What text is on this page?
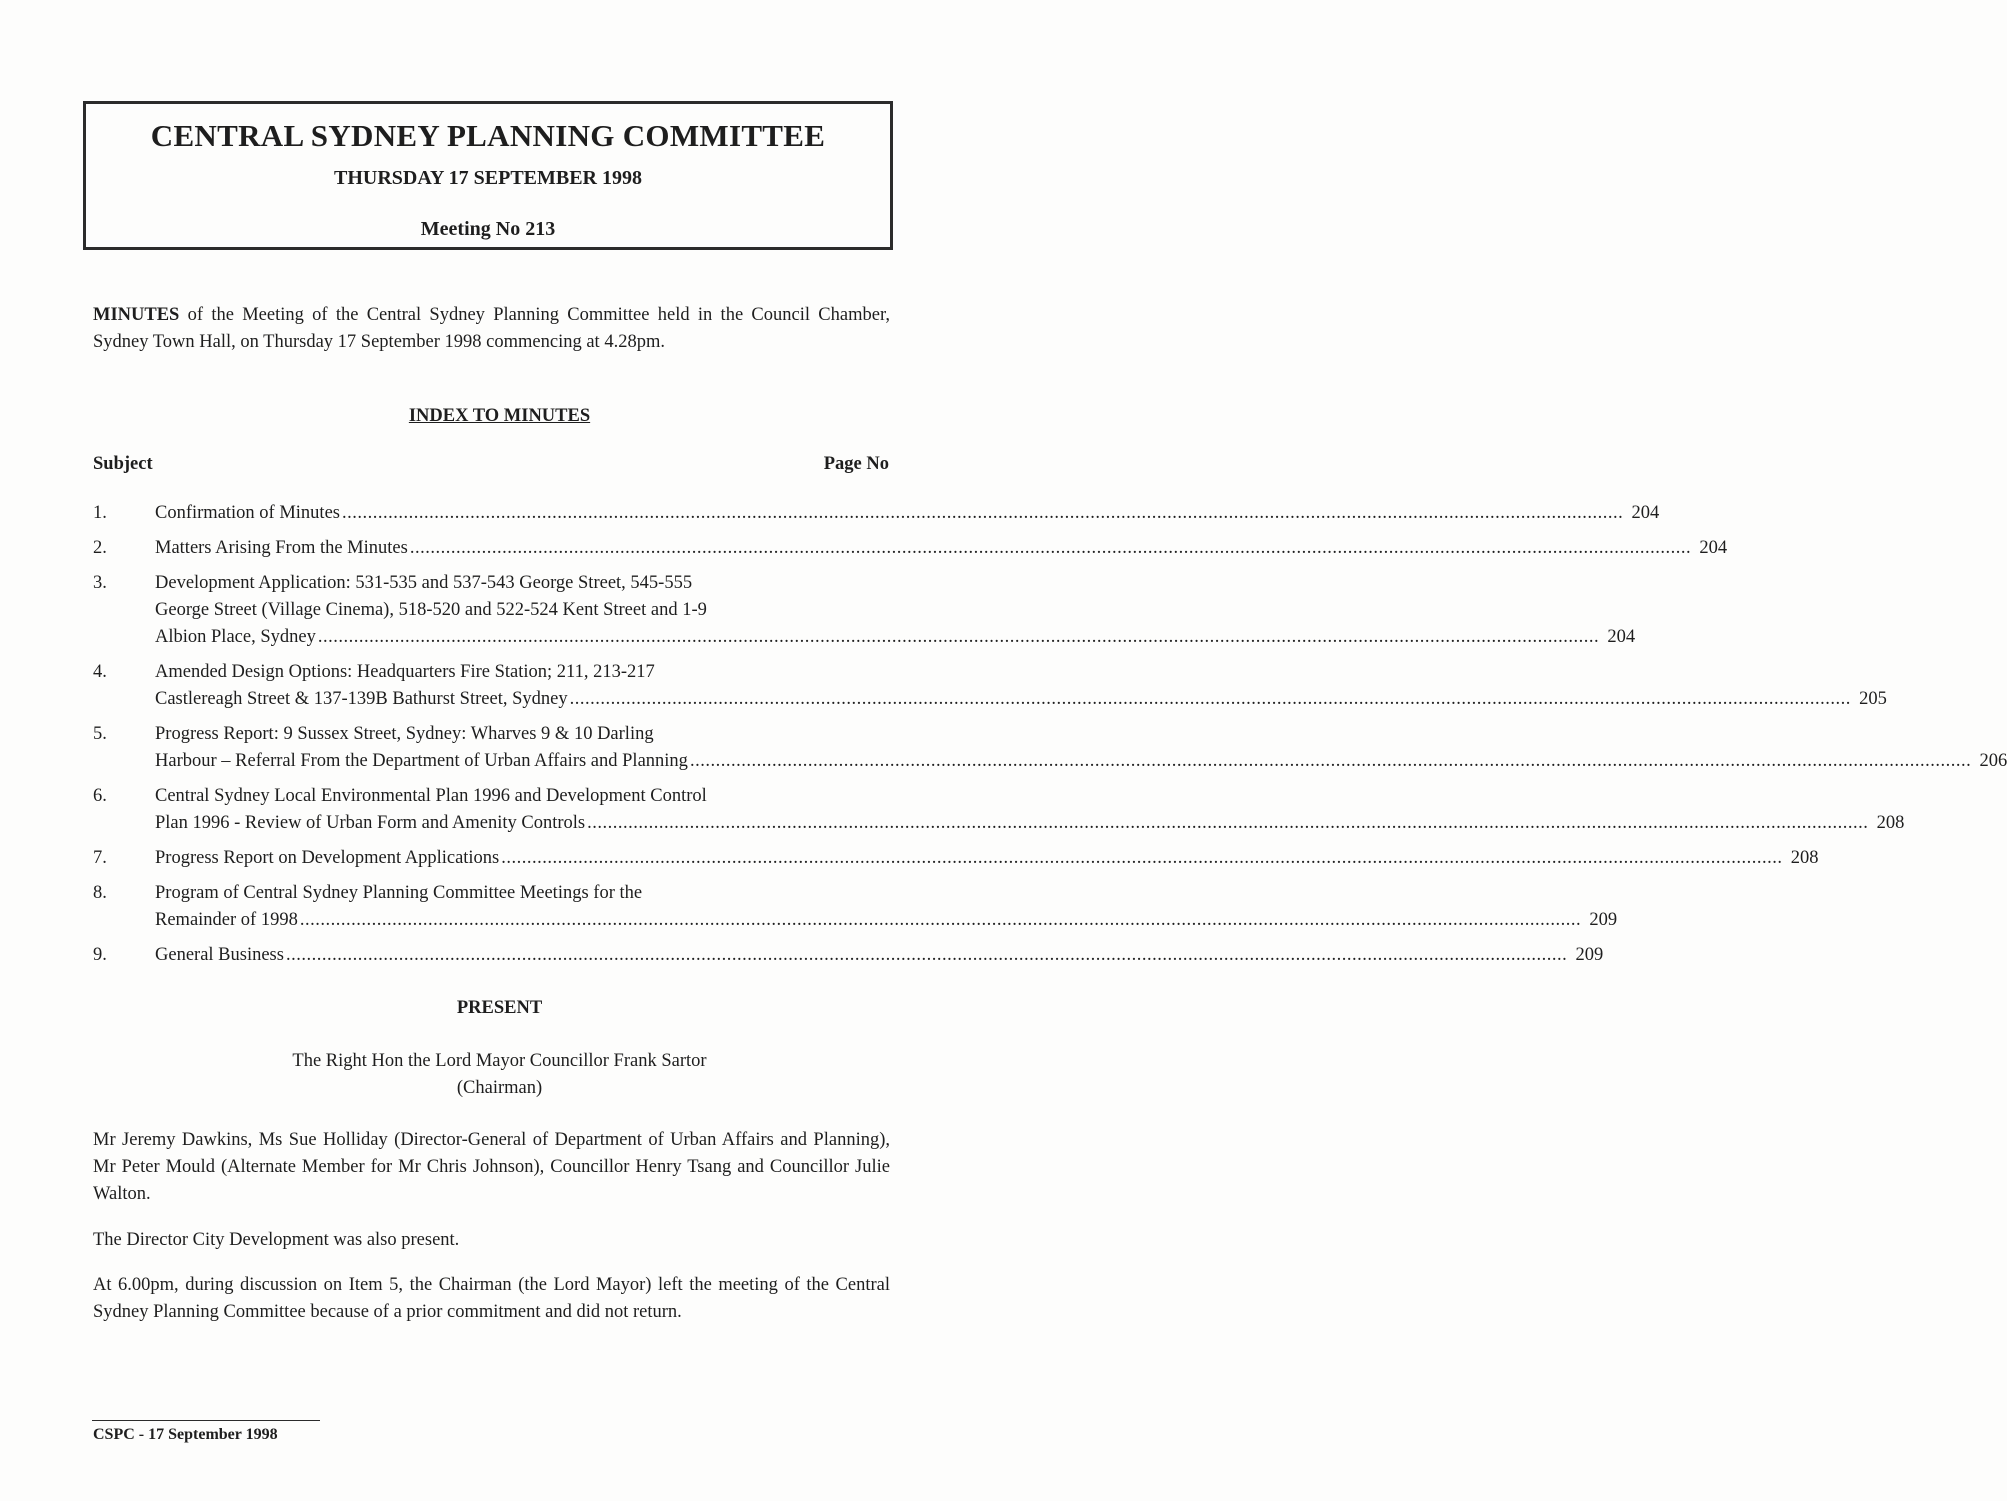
CENTRAL SYDNEY PLANNING COMMITTEE
THURSDAY 17 SEPTEMBER 1998
Meeting No 213
MINUTES of the Meeting of the Central Sydney Planning Committee held in the Council Chamber, Sydney Town Hall, on Thursday 17 September 1998 commencing at 4.28pm.
INDEX TO MINUTES
Subject	Page No
1.	Confirmation of Minutes .....	204
2.	Matters Arising From the Minutes .....	204
3.	Development Application: 531-535 and 537-543 George Street, 545-555
George Street (Village Cinema), 518-520 and 522-524 Kent Street and 1-9
Albion Place, Sydney .....	204
4.	Amended Design Options: Headquarters Fire Station; 211, 213-217
Castlereagh Street & 137-139B Bathurst Street, Sydney .....	205
5.	Progress Report: 9 Sussex Street, Sydney: Wharves 9 & 10 Darling
Harbour – Referral From the Department of Urban Affairs and Planning .....	206
6.	Central Sydney Local Environmental Plan 1996 and Development Control
Plan 1996 - Review of Urban Form and Amenity Controls .....	208
7.	Progress Report on Development Applications .....	208
8.	Program of Central Sydney Planning Committee Meetings for the
Remainder of 1998 .....	209
9.	General Business .....	209
PRESENT
The Right Hon the Lord Mayor Councillor Frank Sartor
(Chairman)
Mr Jeremy Dawkins, Ms Sue Holliday (Director-General of Department of Urban Affairs and Planning), Mr Peter Mould (Alternate Member for Mr Chris Johnson), Councillor Henry Tsang and Councillor Julie Walton.
The Director City Development was also present.
At 6.00pm, during discussion on Item 5, the Chairman (the Lord Mayor) left the meeting of the Central Sydney Planning Committee because of a prior commitment and did not return.
CSPC - 17 September 1998
